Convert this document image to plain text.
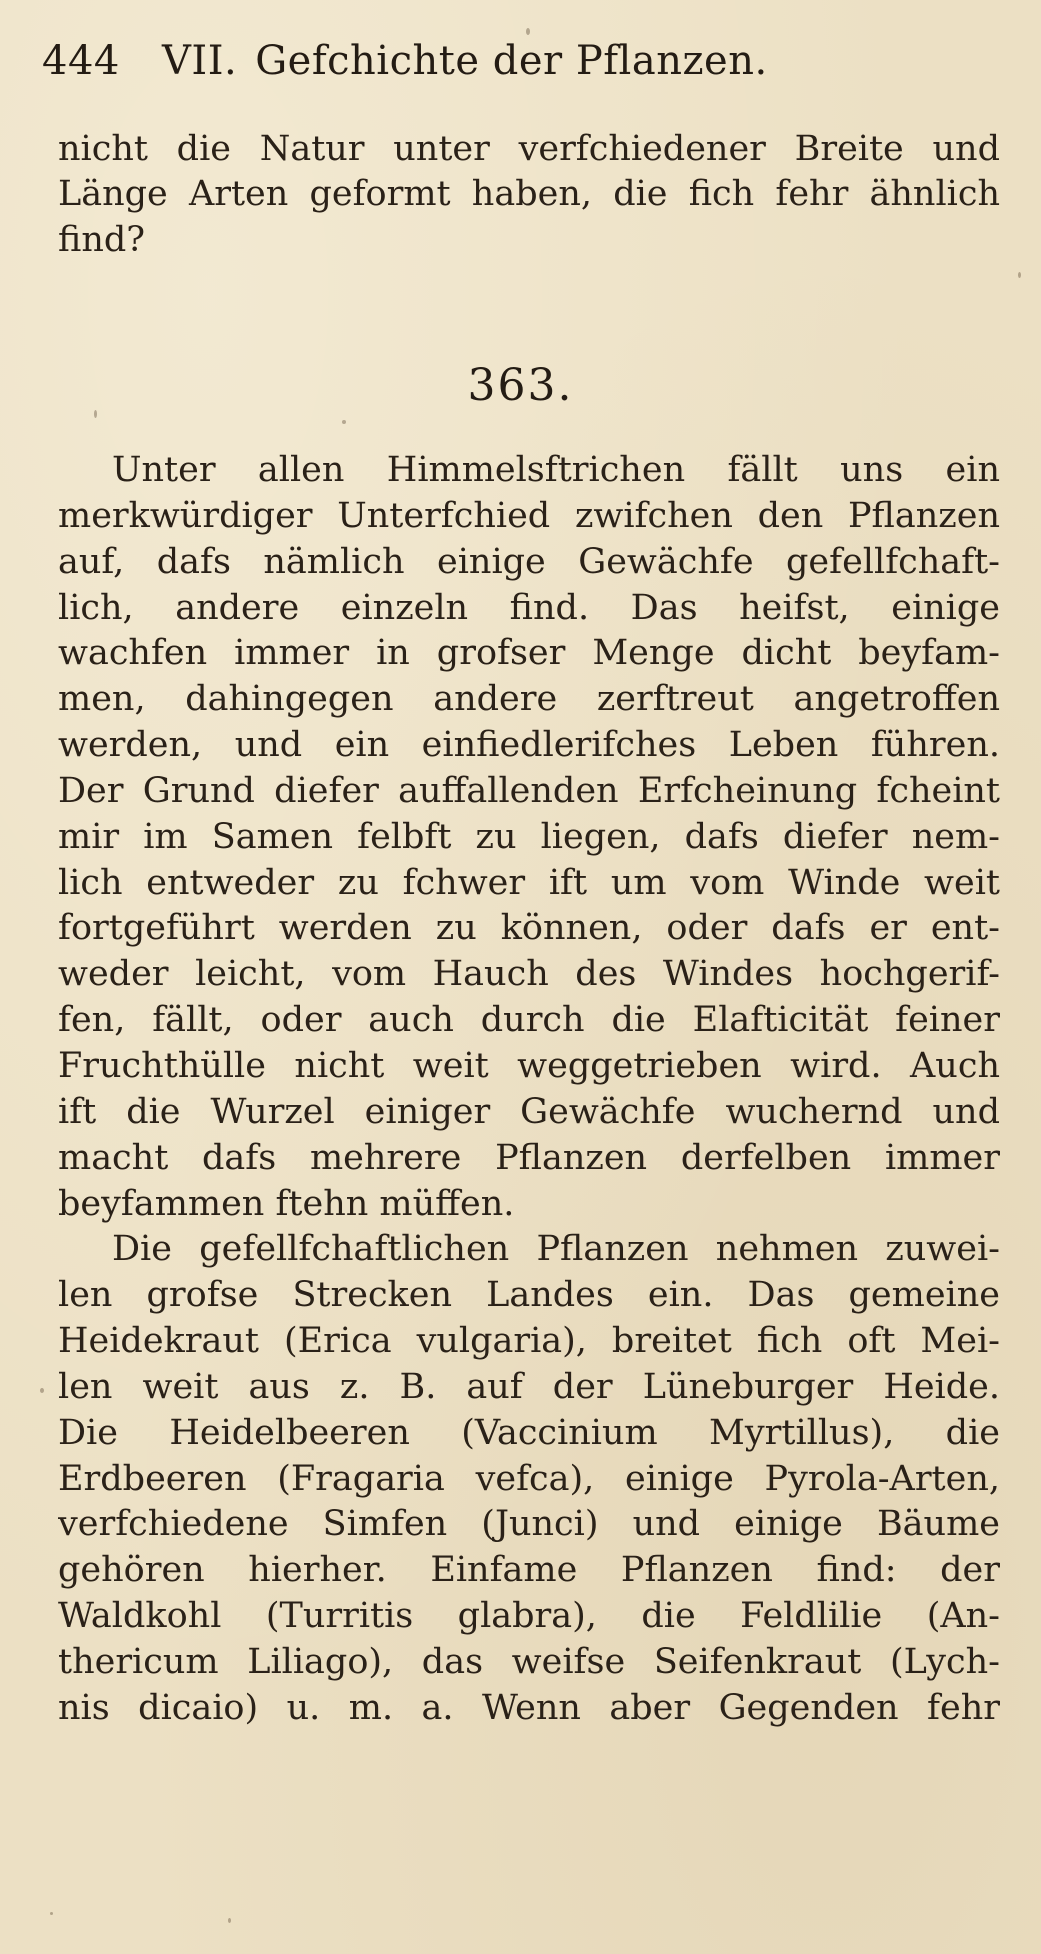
444 VII. Gefchichte der Pflanzen.
nicht die Natur unter verfchiedener Breite und
Länge Arten geformt haben, die fich fehr ähnlich
find?
363.
Unter allen Himmelsftrichen fällt uns ein
merkwürdiger Unterfchied zwifchen den Pflanzen
auf, dafs nämlich einige Gewächfe gefellfchaft-
lich, andere einzeln find. Das heifst, einige
wachfen immer in grofser Menge dicht beyfam-
men, dahingegen andere zerftreut angetroffen
werden, und ein einfiedlerifches Leben führen.
Der Grund diefer auffallenden Erfcheinung fcheint
mir im Samen felbft zu liegen, dafs diefer nem-
lich entweder zu fchwer ift um vom Winde weit
fortgeführt werden zu können, oder dafs er ent-
weder leicht, vom Hauch des Windes hochgerif-
fen, fällt, oder auch durch die Elafticität feiner
Fruchthülle nicht weit weggetrieben wird. Auch
ift die Wurzel einiger Gewächfe wuchernd und
macht dafs mehrere Pflanzen derfelben immer
beyfammen ftehn müffen.
Die gefellfchaftlichen Pflanzen nehmen zuwei-
len grofse Strecken Landes ein. Das gemeine
Heidekraut (Erica vulgaria), breitet fich oft Mei-
len weit aus z. B. auf der Lüneburger Heide.
Die Heidelbeeren (Vaccinium Myrtillus), die
Erdbeeren (Fragaria vefca), einige Pyrola-Arten,
verfchiedene Simfen (Junci) und einige Bäume
gehören hierher. Einfame Pflanzen find: der
Waldkohl (Turritis glabra), die Feldlilie (An-
thericum Liliago), das weifse Seifenkraut (Lych-
nis dicaio) u. m. a. Wenn aber Gegenden fehr
